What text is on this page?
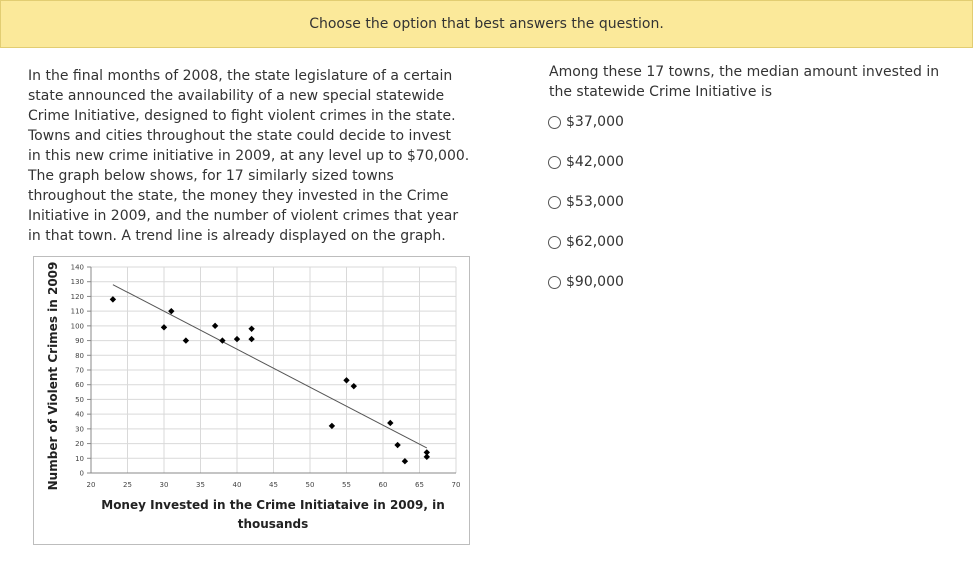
Choose the option that best answers the question.
In the final months of 2008, the state legislature of a certain
state announced the availability of a new special statewide
Crime Initiative, designed to fight violent crimes in the state.
Towns and cities throughout the state could decide to invest
in this new crime initiative in 2009, at any level up to $70,000.
The graph below shows, for 17 similarly sized towns
throughout the state, the money they invested in the Crime
Initiative in 2009, and the number of violent crimes that year
in that town. A trend line is already displayed on the graph.
0
10
20
30
40
50
60
70
80
90
100
110
120
130
140
20	25	30	35	40	45	50	55	60	65	70
Money Invested in the Crime Initiataive in 2009, in
thousands
Number of Violent Crimes in 2009
Among these 17 towns, the median amount invested in the statewide Crime Initiative is
$37,000
$42,000
$53,000
$62,000
$90,000
